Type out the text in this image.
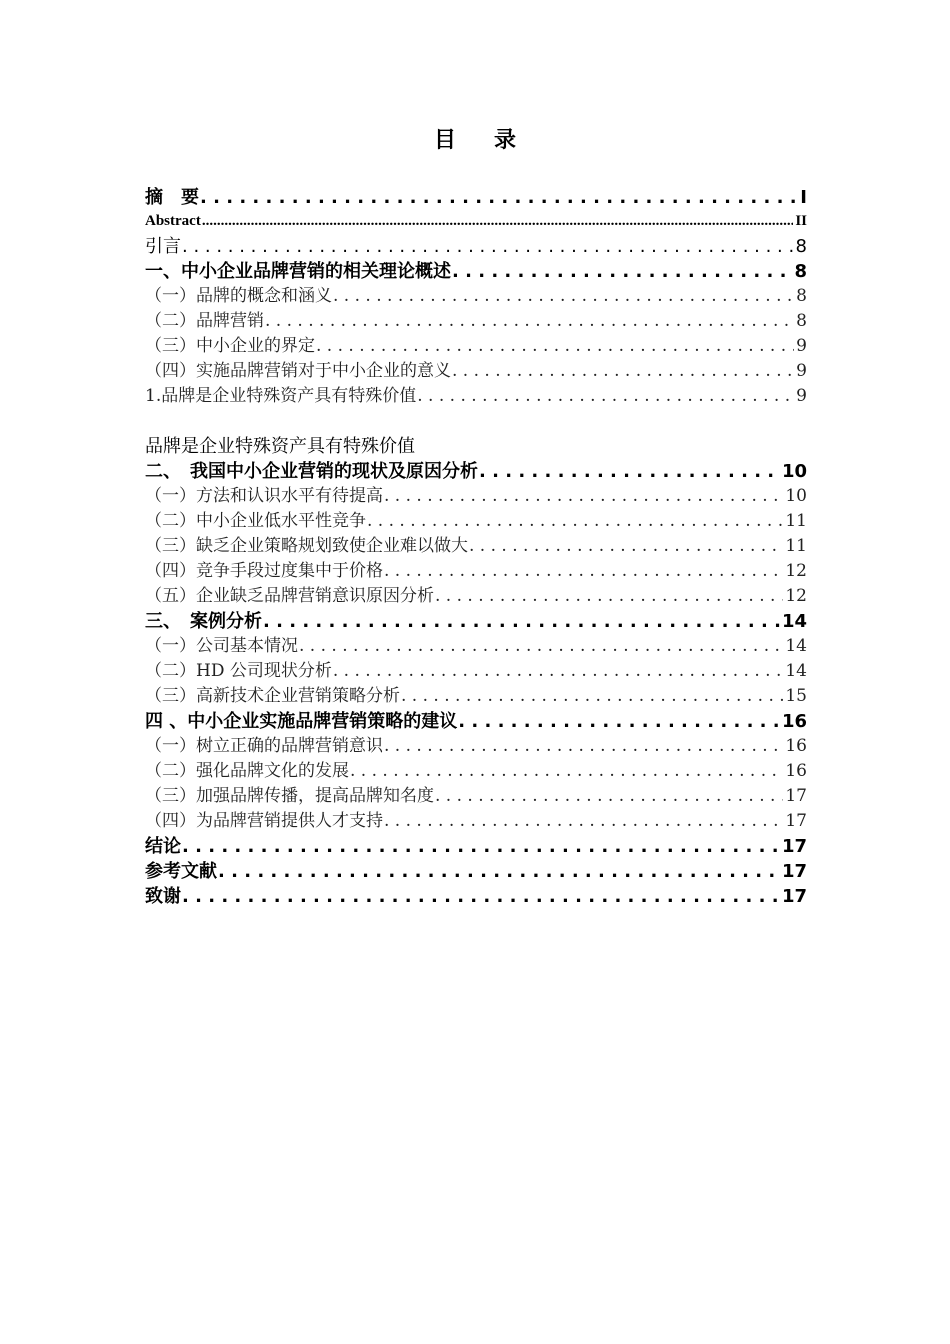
目 录
摘　要 . . .	I
Abstract .....	II
引言 . . .	8
一、中小企业品牌营销的相关理论概述 . . .	8
（一）品牌的概念和涵义 . . .	8
（二）品牌营销 . . .	8
（三）中小企业的界定 . . .	9
（四）实施品牌营销对于中小企业的意义 . . .	9
1.品牌是企业特殊资产具有特殊价值 . . .	9
品牌是企业特殊资产具有特殊价值
二、　我国中小企业营销的现状及原因分析 . . .	10
（一）方法和认识水平有待提高 . . .	10
（二）中小企业低水平性竞争 . . .	11
（三）缺乏企业策略规划致使企业难以做大 . . .	11
（四）竞争手段过度集中于价格 . . .	12
（五）企业缺乏品牌营销意识原因分析 . . .	12
三、　案例分析 . . .	14
（一）公司基本情况 . . .	14
（二）HD 公司现状分析 . . .	14
（三）高新技术企业营销策略分析 . . .	15
四 、中小企业实施品牌营销策略的建议 . . .	16
（一）树立正确的品牌营销意识 . . .	16
（二）强化品牌文化的发展 . . .	16
（三）加强品牌传播，提高品牌知名度 . . .	17
（四）为品牌营销提供人才支持 . . .	17
结论 . . .	17
参考文献 . . .	17
致谢 . . .	17
